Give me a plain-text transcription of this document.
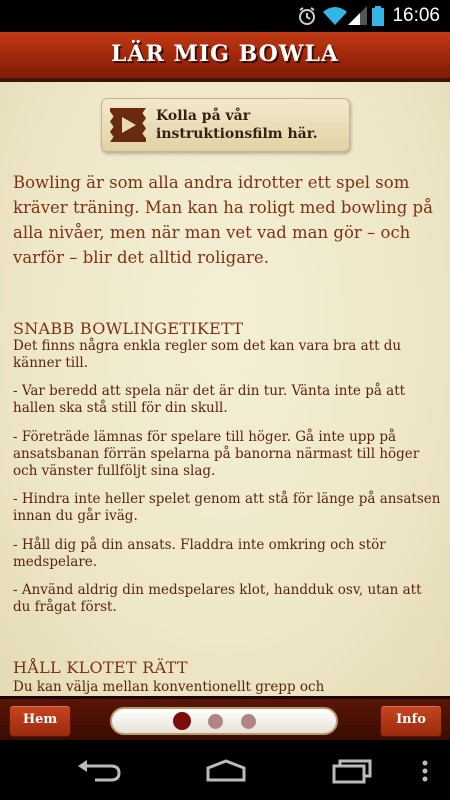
16:06
LÄR MIG BOWLA
Kolla på vår
instruktionsfilm här.
Bowling är som alla andra idrotter ett spel som kräver träning. Man kan ha roligt med bowling på alla nivåer, men när man vet vad man gör – och varför – blir det alltid roligare.
SNABB BOWLINGETIKETT
Det finns några enkla regler som det kan vara bra att du känner till.
- Var beredd att spela när det är din tur. Vänta inte på att hallen ska stå still för din skull.
- Företräde lämnas för spelare till höger. Gå inte upp på ansatsbanan förrän spelarna på banorna närmast till höger och vänster fullföljt sina slag.
- Hindra inte heller spelet genom att stå för länge på ansatsen innan du går iväg.
- Håll dig på din ansats. Fladdra inte omkring och stör medspelare.
- Använd aldrig din medspelares klot, handduk osv, utan att du frågat först.
HÅLL KLOTET RÄTT
Du kan välja mellan konventionellt grepp och
Hem	Info
